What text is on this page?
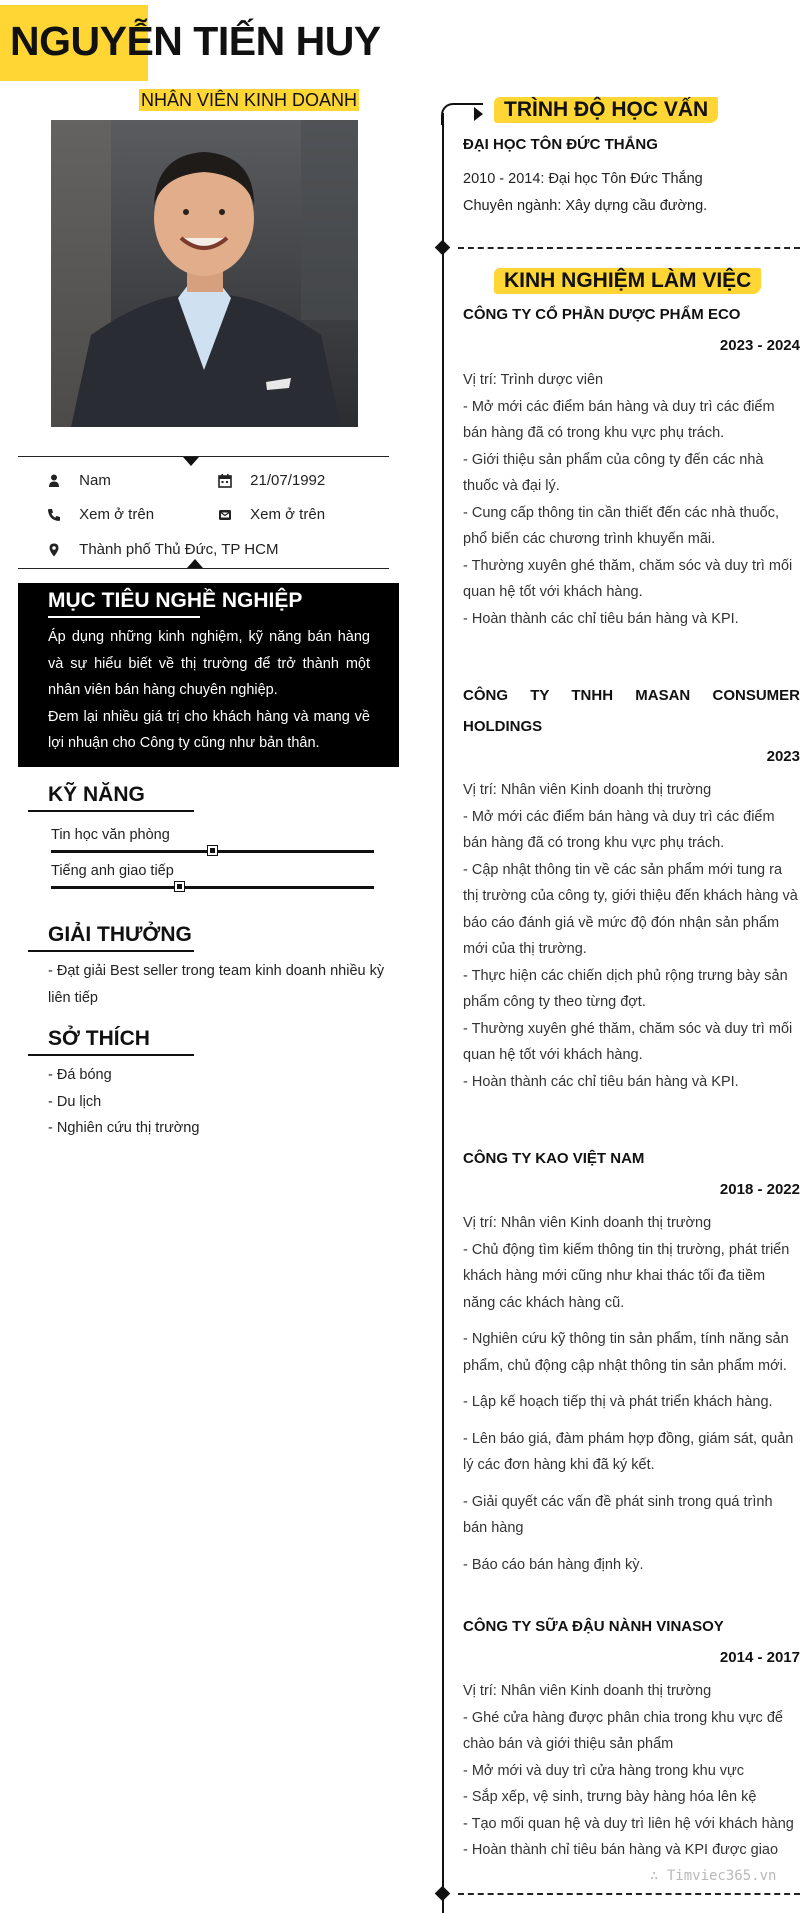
NGUYỄN TIẾN HUY
NHÂN VIÊN KINH DOANH
Nam	21/07/1992
Xem ở trên	Xem ở trên
Thành phố Thủ Đức, TP HCM
MỤC TIÊU NGHỀ NGHIỆP
Áp dụng những kinh nghiệm, kỹ năng bán hàng và sự hiểu biết về thị trường để trở thành một nhân viên bán hàng chuyên nghiệp.
Đem lại nhiều giá trị cho khách hàng và mang về lợi nhuận cho Công ty cũng như bản thân.
KỸ NĂNG
Tin học văn phòng
Tiếng anh giao tiếp
GIẢI THƯỞNG
- Đạt giải Best seller trong team kinh doanh nhiều kỳ liên tiếp
SỞ THÍCH
- Đá bóng
- Du lịch
- Nghiên cứu thị trường
TRÌNH ĐỘ HỌC VẤN
ĐẠI HỌC TÔN ĐỨC THẮNG
2010 - 2014: Đại học Tôn Đức Thắng
Chuyên ngành: Xây dựng cầu đường.
KINH NGHIỆM LÀM VIỆC
CÔNG TY CỔ PHẦN DƯỢC PHẨM ECO
2023 - 2024

Vị trí: Trình dược viên

- Mở mới các điểm bán hàng và duy trì các điểm bán hàng đã có trong khu vực phụ trách.

- Giới thiệu sản phẩm của công ty đến các nhà thuốc và đại lý.

- Cung cấp thông tin cần thiết đến các nhà thuốc, phổ biến các chương trình khuyến mãi.

- Thường xuyên ghé thăm, chăm sóc và duy trì mối quan hệ tốt với khách hàng.

- Hoàn thành các chỉ tiêu bán hàng và KPI.

CÔNG TY TNHH MASAN CONSUMER HOLDINGS
2023

Vị trí: Nhân viên Kinh doanh thị trường

- Mở mới các điểm bán hàng và duy trì các điểm bán hàng đã có trong khu vực phụ trách.

- Cập nhật thông tin về các sản phẩm mới tung ra thị trường của công ty, giới thiệu đến khách hàng và báo cáo đánh giá về mức độ đón nhận sản phẩm mới của thị trường.

- Thực hiện các chiến dịch phủ rộng trưng bày sản phẩm công ty theo từng đợt.

- Thường xuyên ghé thăm, chăm sóc và duy trì mối quan hệ tốt với khách hàng.

- Hoàn thành các chỉ tiêu bán hàng và KPI.

CÔNG TY KAO VIỆT NAM
2018 - 2022

Vị trí: Nhân viên Kinh doanh thị trường

- Chủ động tìm kiếm thông tin thị trường, phát triển khách hàng mới cũng như khai thác tối đa tiềm năng các khách hàng cũ.

- Nghiên cứu kỹ thông tin sản phẩm, tính năng sản phẩm, chủ động cập nhật thông tin sản phẩm mới.

- Lập kế hoạch tiếp thị và phát triển khách hàng.

- Lên báo giá, đàm phám hợp đồng, giám sát, quản lý các đơn hàng khi đã ký kết.

- Giải quyết các vấn đề phát sinh trong quá trình bán hàng

- Báo cáo bán hàng định kỳ.

CÔNG TY SỮA ĐẬU NÀNH VINASOY
2014 - 2017

Vị trí: Nhân viên Kinh doanh thị trường

- Ghé cửa hàng được phân chia trong khu vực để chào bán và giới thiệu sản phẩm

- Mở mới và duy trì cửa hàng trong khu vực

- Sắp xếp, vệ sinh, trưng bày hàng hóa lên kệ

- Tạo mối quan hệ và duy trì liên hệ với khách hàng

- Hoàn thành chỉ tiêu bán hàng và KPI được giao

∴ Timviec365.vn
